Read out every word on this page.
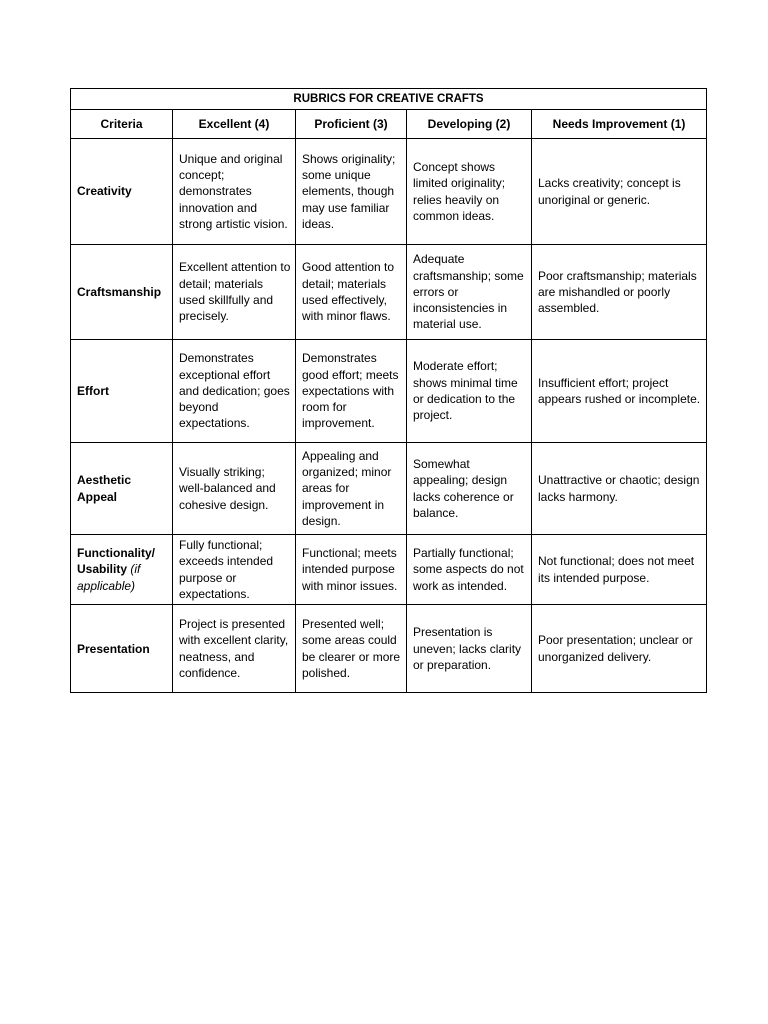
RUBRICS FOR CREATIVE CRAFTS				
Criteria	Excellent (4)	Proficient (3)	Developing (2)	Needs Improvement (1)
Creativity	Unique and original concept; demonstrates innovation and strong artistic vision.	Shows originality; some unique elements, though may use familiar ideas.	Concept shows limited originality; relies heavily on common ideas.	Lacks creativity; concept is unoriginal or generic.
Craftsmanship	Excellent attention to detail; materials used skillfully and precisely.	Good attention to detail; materials used effectively, with minor flaws.	Adequate craftsmanship; some errors or inconsistencies in material use.	Poor craftsmanship; materials are mishandled or poorly assembled.
Effort	Demonstrates exceptional effort and dedication; goes beyond expectations.	Demonstrates good effort; meets expectations with room for improvement.	Moderate effort; shows minimal time or dedication to the project.	Insufficient effort; project appears rushed or incomplete.
Aesthetic Appeal	Visually striking; well-balanced and cohesive design.	Appealing and organized; minor areas for improvement in design.	Somewhat appealing; design lacks coherence or balance.	Unattractive or chaotic; design lacks harmony.
Functionality/ Usability (if applicable)	Fully functional; exceeds intended purpose or expectations.	Functional; meets intended purpose with minor issues.	Partially functional; some aspects do not work as intended.	Not functional; does not meet its intended purpose.
Presentation	Project is presented with excellent clarity, neatness, and confidence.	Presented well; some areas could be clearer or more polished.	Presentation is uneven; lacks clarity or preparation.	Poor presentation; unclear or unorganized delivery.
